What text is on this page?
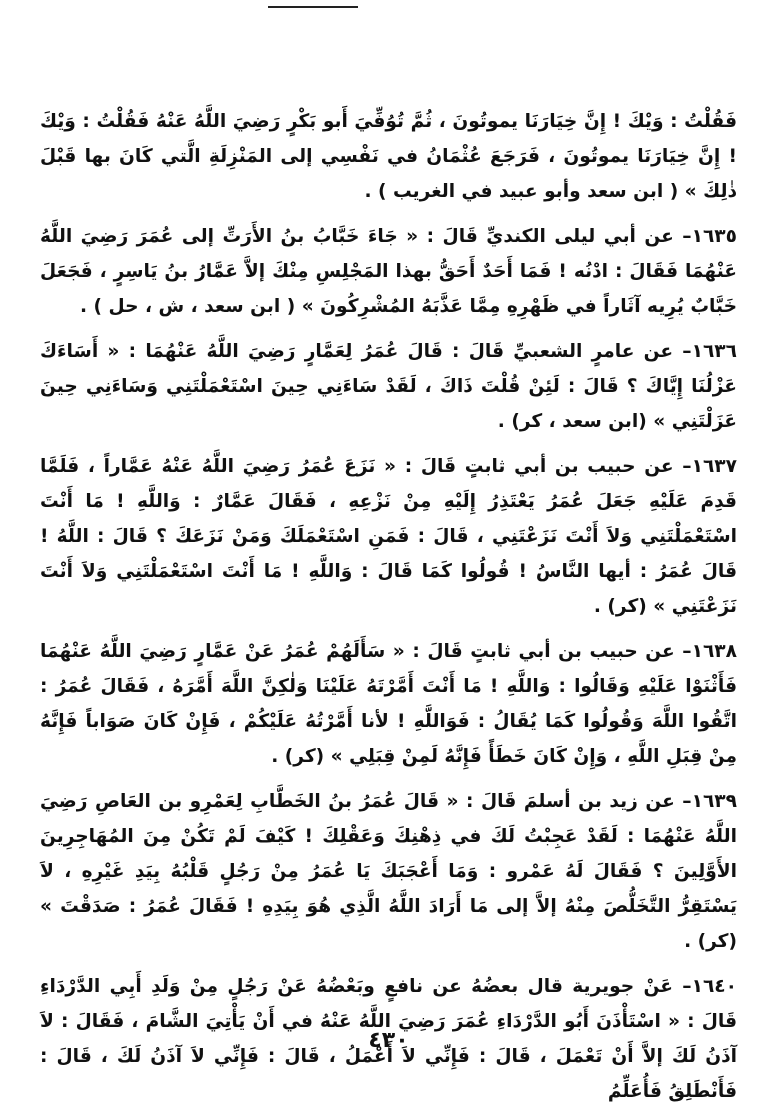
فَقُلْتُ : وَيْكَ ! إِنَّ خِيَارَنَا يموتُونَ ، ثُمَّ تُوُفِّيَ أَبو بَكْرٍ رَضِيَ اللَّهُ عَنْهُ فَقُلْتُ : وَيْكَ ! إِنَّ خِيَارَنَا يموتُونَ ، فَرَجَعَ عُثْمَانُ في نَفْسِي إلى المَنْزِلَةِ الَّتي كَانَ بها قَبْلَ ذٰلِكَ » ( ابن سعد وأبو عبيد في الغريب ) .

١٦٣٥– عن أبي ليلى الكنديِّ قَالَ : « جَاءَ خَبَّابُ بنُ الأَرَتِّ إلى عُمَرَ رَضِيَ اللَّهُ عَنْهُمَا فَقَالَ : ادْنُه ! فَمَا أَحَدٌ أَحَقُّ بهذا المَجْلِسِ مِنْكَ إلاَّ عَمَّارُ بنُ يَاسِرٍ ، فَجَعَلَ خَبَّابٌ يُرِيه آثَاراً في ظَهْرِهِ مِمَّا عَذَّبَهُ المُشْرِكُونَ » ( ابن سعد ، ش ، حل ) .

١٦٣٦– عن عامرٍ الشعبيِّ قَالَ : قَالَ عُمَرُ لِعَمَّارٍ رَضِيَ اللَّهُ عَنْهُمَا : « أَسَاءَكَ عَزْلُنَا إِيَّاكَ ؟ قَالَ : لَئِنْ قُلْتَ ذَاكَ ، لَقَدْ سَاءَنِي حِينَ اسْتَعْمَلْتَنِي وَسَاءَنِي حِينَ عَزَلْتَنِي » (ابن سعد ، كر) .

١٦٣٧– عن حبيب بن أبي ثابتٍ قَالَ : « نَزَعَ عُمَرُ رَضِيَ اللَّهُ عَنْهُ عَمَّاراً ، فَلَمَّا قَدِمَ عَلَيْهِ جَعَلَ عُمَرُ يَعْتَذِرُ إِلَيْهِ مِنْ نَزْعِهِ ، فَقَالَ عَمَّارٌ : وَاللَّهِ ! مَا أَنْتَ اسْتَعْمَلْتَنِي وَلاَ أَنْتَ نَزَعْتَنِي ، قَالَ : فَمَنِ اسْتَعْمَلَكَ وَمَنْ نَزَعَكَ ؟ قَالَ : اللَّهُ ! قَالَ عُمَرُ : أيها النَّاسُ ! قُولُوا كَمَا قَالَ : وَاللَّهِ ! مَا أَنْتَ اسْتَعْمَلْتَنِي وَلاَ أَنْتَ نَزَعْتَنِي » (كر) .

١٦٣٨– عن حبيب بن أبي ثابتٍ قَالَ : « سَأَلَهُمْ عُمَرُ عَنْ عَمَّارٍ رَضِيَ اللَّهُ عَنْهُمَا فَأَثْنَوْا عَلَيْهِ وَقَالُوا : وَاللَّهِ ! مَا أَنْتَ أَمَّرْتَهُ عَلَيْنَا وَلٰكِنَّ اللَّهَ أَمَّرَهُ ، فَقَالَ عُمَرُ : اتَّقُوا اللَّهَ وَقُولُوا كَمَا يُقَالُ : فَوَاللَّهِ ! لأنا أَمَّرْتُهُ عَلَيْكُمْ ، فَإِنْ كَانَ صَوَاباً فَإِنَّهُ مِنْ قِبَلِ اللَّهِ ، وَإِنْ كَانَ خَطَأً فَإِنَّهُ لَمِنْ قِبَلِي » (كر) .

١٦٣٩– عن زيد بن أسلمَ قَالَ : « قَالَ عُمَرُ بنُ الخَطَّابِ لِعَمْرِو بن العَاصِ رَضِيَ اللَّهُ عَنْهُمَا : لَقَدْ عَجِبْتُ لَكَ في ذِهْنِكَ وَعَقْلِكَ ! كَيْفَ لَمْ تَكُنْ مِنَ المُهَاجِرِينَ الأَوَّلِينَ ؟ فَقَالَ لَهُ عَمْرو : وَمَا أَعْجَبَكَ يَا عُمَرُ مِنْ رَجُلٍ قَلْبُهُ بِيَدِ غَيْرِهِ ، لاَ يَسْتَقِرُّ التَّخَلُّصَ مِنْهُ إلاَّ إلى مَا أَرَادَ اللَّهُ الَّذِي هُوَ بِيَدِهِ ! فَقَالَ عُمَرُ : صَدَقْتَ » (كر) .

١٦٤٠– عَنْ جويرية قال بعضُهُ عن نافعٍ وبَعْضُهُ عَنْ رَجُلٍ مِنْ وَلَدِ أَبِي الدَّرْدَاءِ قَالَ : « اسْتَأْذَنَ أَبُو الدَّرْدَاءِ عُمَرَ رَضِيَ اللَّهُ عَنْهُ في أَنْ يَأْتِيَ الشَّامَ ، فَقَالَ : لاَ آذَنُ لَكَ إلاَّ أَنْ تَعْمَلَ ، قَالَ : فَإِنِّي لاَ أَعْمَلُ ، قَالَ : فَإِنِّي لاَ آذَنُ لَكَ ، قَالَ : فَأَنْطَلِقُ فَأُعَلِّمُ

٤٣٠
